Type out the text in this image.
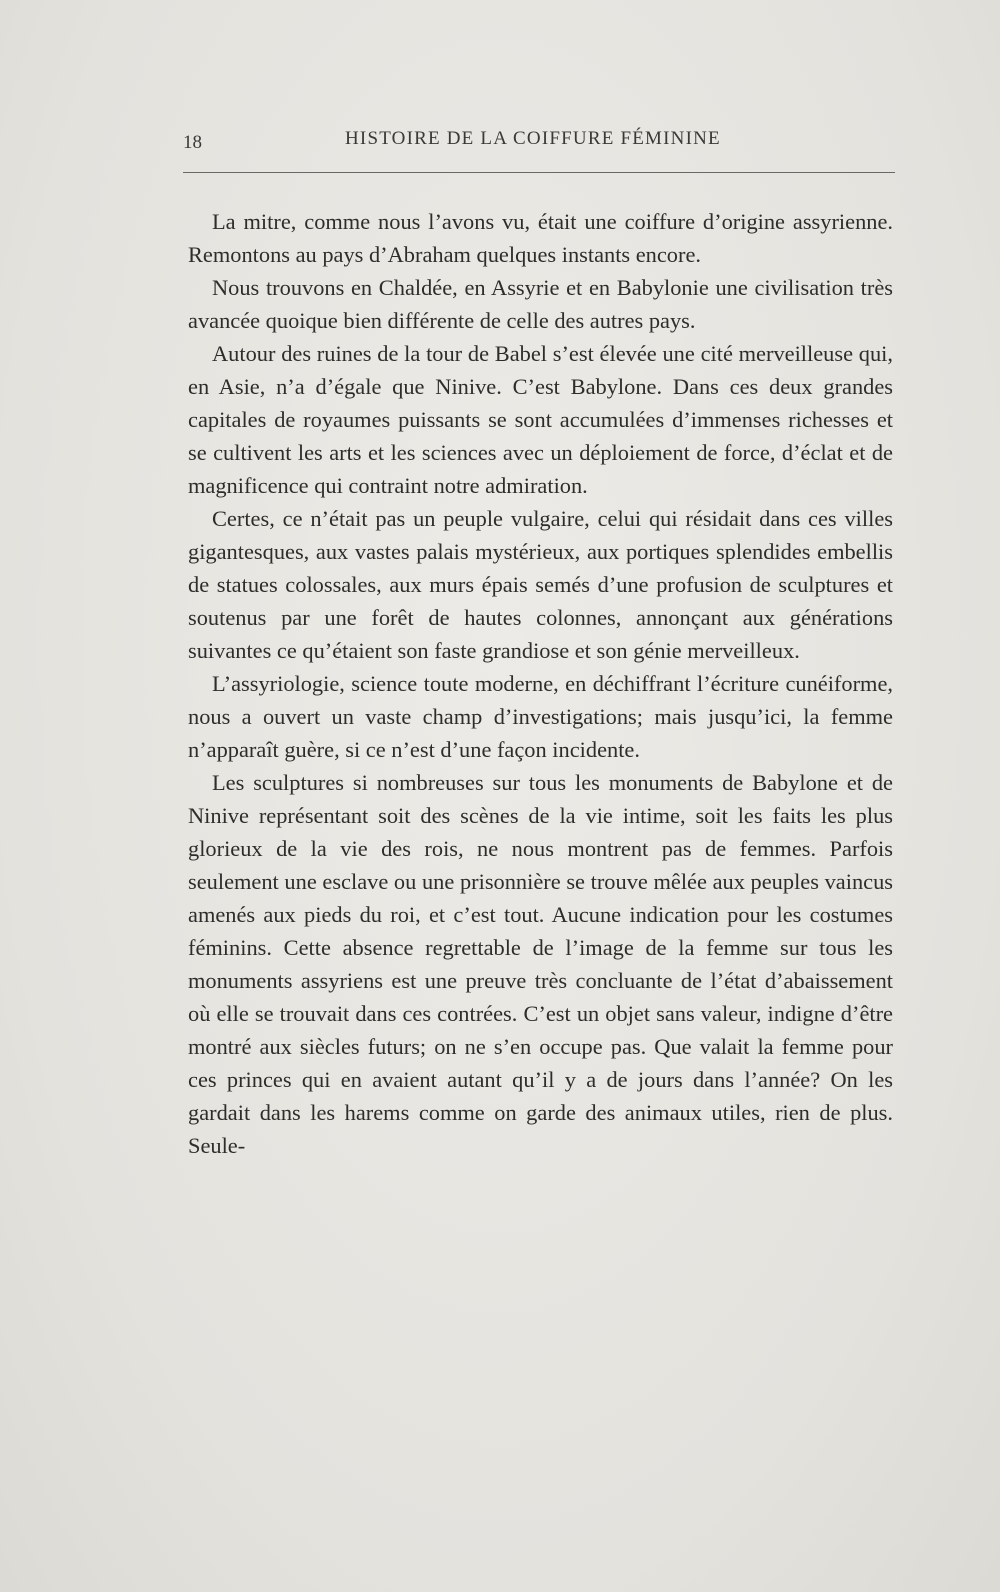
18	HISTOIRE DE LA COIFFURE FÉMININE

La mitre, comme nous l’avons vu, était une coiffure d’origine assyrienne. Remontons au pays d’Abraham quelques instants encore.

Nous trouvons en Chaldée, en Assyrie et en Babylonie une civilisation très avancée quoique bien différente de celle des autres pays.

Autour des ruines de la tour de Babel s’est élevée une cité merveilleuse qui, en Asie, n’a d’égale que Ninive. C’est Babylone. Dans ces deux grandes capitales de royaumes puissants se sont accumulées d’immenses richesses et se cultivent les arts et les sciences avec un déploiement de force, d’éclat et de magnificence qui contraint notre admiration.

Certes, ce n’était pas un peuple vulgaire, celui qui résidait dans ces villes gigantesques, aux vastes palais mystérieux, aux portiques splendides embellis de statues colossales, aux murs épais semés d’une profusion de sculptures et soutenus par une forêt de hautes colonnes, annonçant aux générations suivantes ce qu’étaient son faste grandiose et son génie merveilleux.

L’assyriologie, science toute moderne, en déchiffrant l’écriture cunéiforme, nous a ouvert un vaste champ d’investigations; mais jusqu’ici, la femme n’apparaît guère, si ce n’est d’une façon incidente.

Les sculptures si nombreuses sur tous les monuments de Babylone et de Ninive représentant soit des scènes de la vie intime, soit les faits les plus glorieux de la vie des rois, ne nous montrent pas de femmes. Parfois seulement une esclave ou une prisonnière se trouve mêlée aux peuples vaincus amenés aux pieds du roi, et c’est tout. Aucune indication pour les costumes féminins. Cette absence regrettable de l’image de la femme sur tous les monuments assyriens est une preuve très concluante de l’état d’abaissement où elle se trouvait dans ces contrées. C’est un objet sans valeur, indigne d’être montré aux siècles futurs; on ne s’en occupe pas. Que valait la femme pour ces princes qui en avaient autant qu’il y a de jours dans l’année? On les gardait dans les harems comme on garde des animaux utiles, rien de plus. Seule-
